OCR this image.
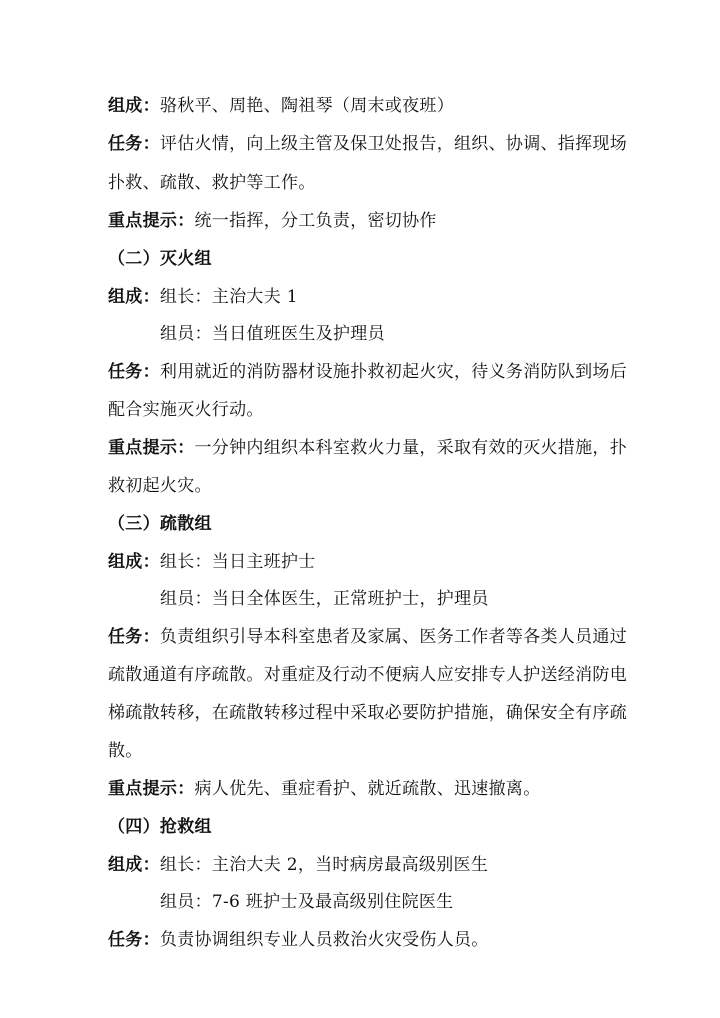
组成：骆秋平、周艳、陶祖琴（周末或夜班）
任务：评估火情，向上级主管及保卫处报告，组织、协调、指挥现场
扑救、疏散、救护等工作。
重点提示：统一指挥，分工负责，密切协作
（二）灭火组
组成：组长：主治大夫 1
组员：当日值班医生及护理员
任务：利用就近的消防器材设施扑救初起火灾，待义务消防队到场后
配合实施灭火行动。
重点提示：一分钟内组织本科室救火力量，采取有效的灭火措施，扑
救初起火灾。
（三）疏散组
组成：组长：当日主班护士
组员：当日全体医生，正常班护士，护理员
任务：负责组织引导本科室患者及家属、医务工作者等各类人员通过
疏散通道有序疏散。对重症及行动不便病人应安排专人护送经消防电
梯疏散转移，在疏散转移过程中采取必要防护措施，确保安全有序疏
散。
重点提示：病人优先、重症看护、就近疏散、迅速撤离。
（四）抢救组
组成：组长：主治大夫 2，当时病房最高级别医生
组员：7-6 班护士及最高级别住院医生
任务：负责协调组织专业人员救治火灾受伤人员。
